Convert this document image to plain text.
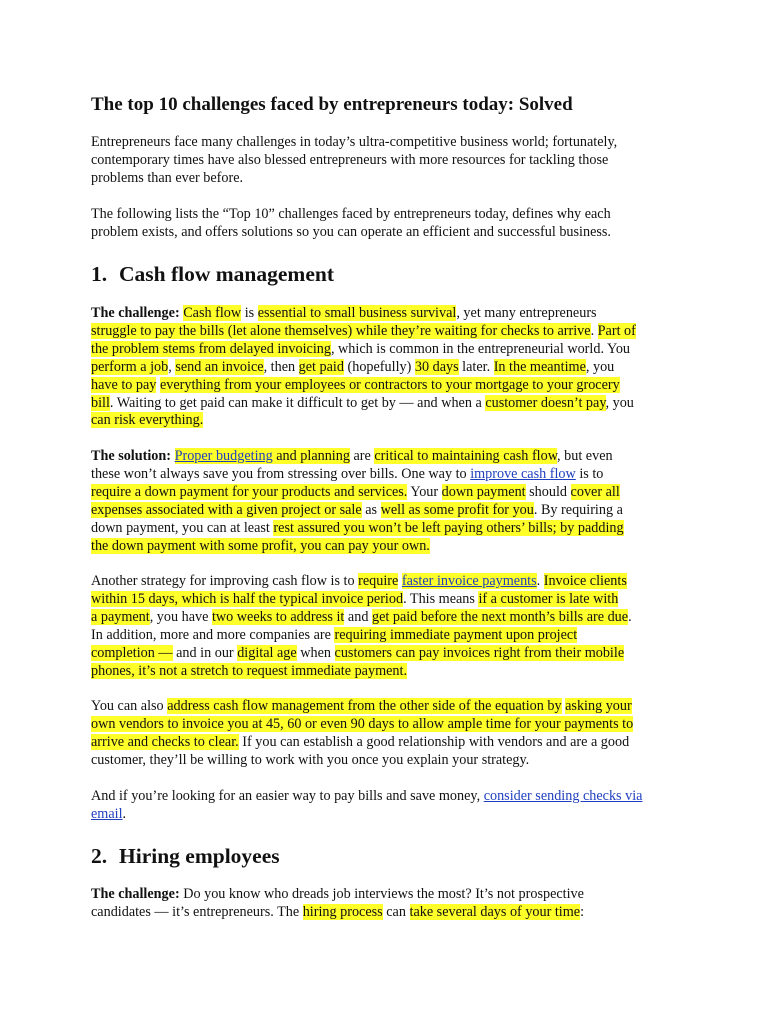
The top 10 challenges faced by entrepreneurs today: Solved

Entrepreneurs face many challenges in today’s ultra-competitive business world; fortunately,
contemporary times have also blessed entrepreneurs with more resources for tackling those
problems than ever before.

The following lists the “Top 10” challenges faced by entrepreneurs today, defines why each
problem exists, and offers solutions so you can operate an efficient and successful business.

1. Cash flow management

The challenge: Cash flow is essential to small business survival, yet many entrepreneurs
struggle to pay the bills (let alone themselves) while they’re waiting for checks to arrive. Part of
the problem stems from delayed invoicing, which is common in the entrepreneurial world. You
perform a job, send an invoice, then get paid (hopefully) 30 days later. In the meantime, you
have to pay everything from your employees or contractors to your mortgage to your grocery
bill. Waiting to get paid can make it difficult to get by — and when a customer doesn’t pay, you
can risk everything.

The solution: Proper budgeting and planning are critical to maintaining cash flow, but even
these won’t always save you from stressing over bills. One way to improve cash flow is to
require a down payment for your products and services. Your down payment should cover all
expenses associated with a given project or sale as well as some profit for you. By requiring a
down payment, you can at least rest assured you won’t be left paying others’ bills; by padding
the down payment with some profit, you can pay your own.

Another strategy for improving cash flow is to require faster invoice payments. Invoice clients
within 15 days, which is half the typical invoice period. This means if a customer is late with
a payment, you have two weeks to address it and get paid before the next month’s bills are due.
In addition, more and more companies are requiring immediate payment upon project
completion — and in our digital age when customers can pay invoices right from their mobile
phones, it’s not a stretch to request immediate payment.

You can also address cash flow management from the other side of the equation by asking your
own vendors to invoice you at 45, 60 or even 90 days to allow ample time for your payments to
arrive and checks to clear. If you can establish a good relationship with vendors and are a good
customer, they’ll be willing to work with you once you explain your strategy.

And if you’re looking for an easier way to pay bills and save money, consider sending checks via
email.

2. Hiring employees

The challenge: Do you know who dreads job interviews the most? It’s not prospective
candidates — it’s entrepreneurs. The hiring process can take several days of your time:
